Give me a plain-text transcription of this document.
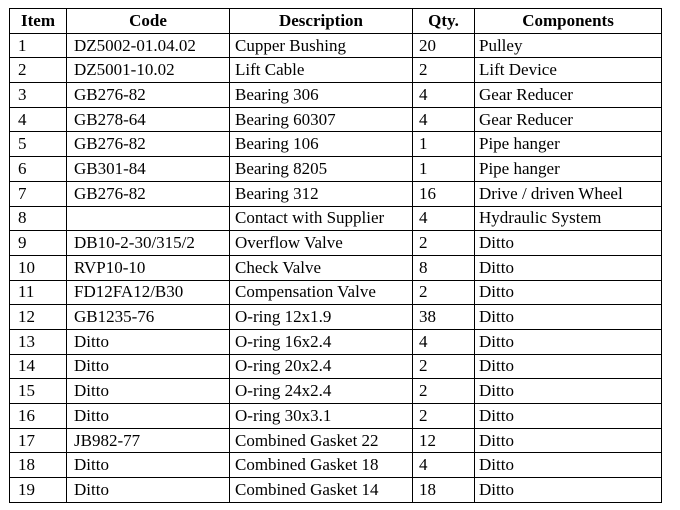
Item	Code	Description	Qty.	Components
1	DZ5002-01.04.02	Cupper Bushing	20	Pulley
2	DZ5001-10.02	Lift Cable	2	Lift Device
3	GB276-82	Bearing 306	4	Gear Reducer
4	GB278-64	Bearing 60307	4	Gear Reducer
5	GB276-82	Bearing 106	1	Pipe hanger
6	GB301-84	Bearing 8205	1	Pipe hanger
7	GB276-82	Bearing 312	16	Drive / driven Wheel
8		Contact with Supplier	4	Hydraulic System
9	DB10-2-30/315/2	Overflow Valve	2	Ditto
10	RVP10-10	Check Valve	8	Ditto
11	FD12FA12/B30	Compensation Valve	2	Ditto
12	GB1235-76	O-ring 12x1.9	38	Ditto
13	Ditto	O-ring 16x2.4	4	Ditto
14	Ditto	O-ring 20x2.4	2	Ditto
15	Ditto	O-ring 24x2.4	2	Ditto
16	Ditto	O-ring 30x3.1	2	Ditto
17	JB982-77	Combined Gasket 22	12	Ditto
18	Ditto	Combined Gasket 18	4	Ditto
19	Ditto	Combined Gasket 14	18	Ditto
